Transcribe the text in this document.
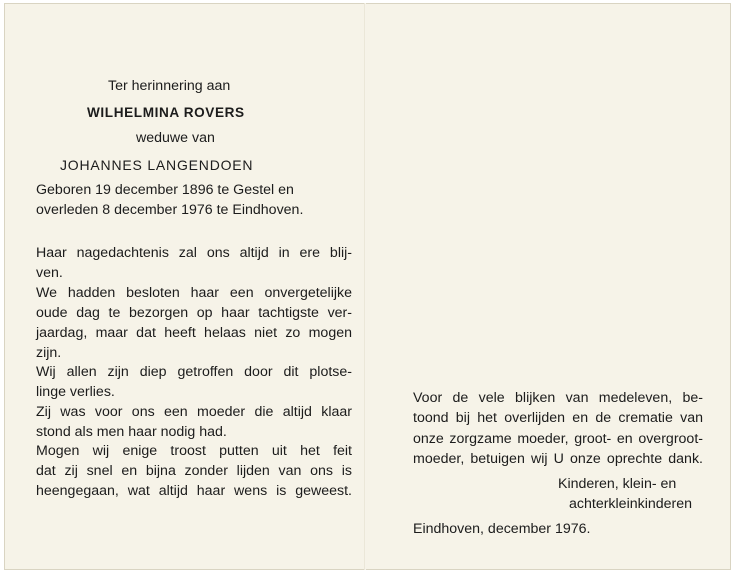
Ter herinnering aan
WILHELMINA ROVERS
weduwe van
JOHANNES LANGENDOEN
Geboren 19 december 1896 te Gestel en
overleden 8 december 1976 te Eindhoven.
Haar nagedachtenis zal ons altijd in ere blij-
ven.
We hadden besloten haar een onvergetelijke
oude dag te bezorgen op haar tachtigste ver-
jaardag, maar dat heeft helaas niet zo mogen
zijn.
Wij allen zijn diep getroffen door dit plotse-
linge verlies.
Zij was voor ons een moeder die altijd klaar
stond als men haar nodig had.
Mogen wij enige troost putten uit het feit
dat zij snel en bijna zonder lijden van ons is
heengegaan, wat altijd haar wens is geweest.
Voor de vele blijken van medeleven, be-
toond bij het overlijden en de crematie van
onze zorgzame moeder, groot- en overgroot-
moeder, betuigen wij U onze oprechte dank.
Kinderen, klein- en
achterkleinkinderen
Eindhoven, december 1976.
